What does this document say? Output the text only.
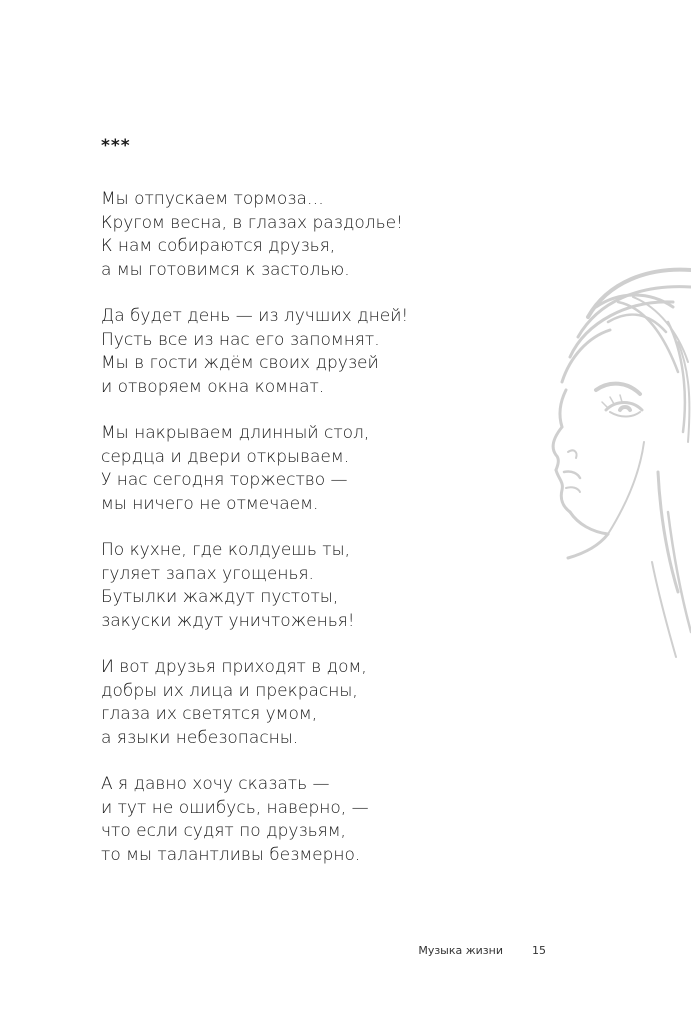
***
Мы отпускаем тормоза…
Кругом весна, в глазах раздолье!
К нам собираются друзья,
а мы готовимся к застолью.
Да будет день — из лучших дней!
Пусть все из нас его запомнят.
Мы в гости ждём своих друзей
и отворяем окна комнат.
Мы накрываем длинный стол,
сердца и двери открываем.
У нас сегодня торжество —
мы ничего не отмечаем.
По кухне, где колдуешь ты,
гуляет запах угощенья.
Бутылки жаждут пустоты,
закуски ждут уничтоженья!
И вот друзья приходят в дом,
добры их лица и прекрасны,
глаза их светятся умом,
а языки небезопасны.
А я давно хочу сказать —
и тут не ошибусь, наверно, —
что если судят по друзьям,
то мы талантливы безмерно.
Музыка жизни	15
